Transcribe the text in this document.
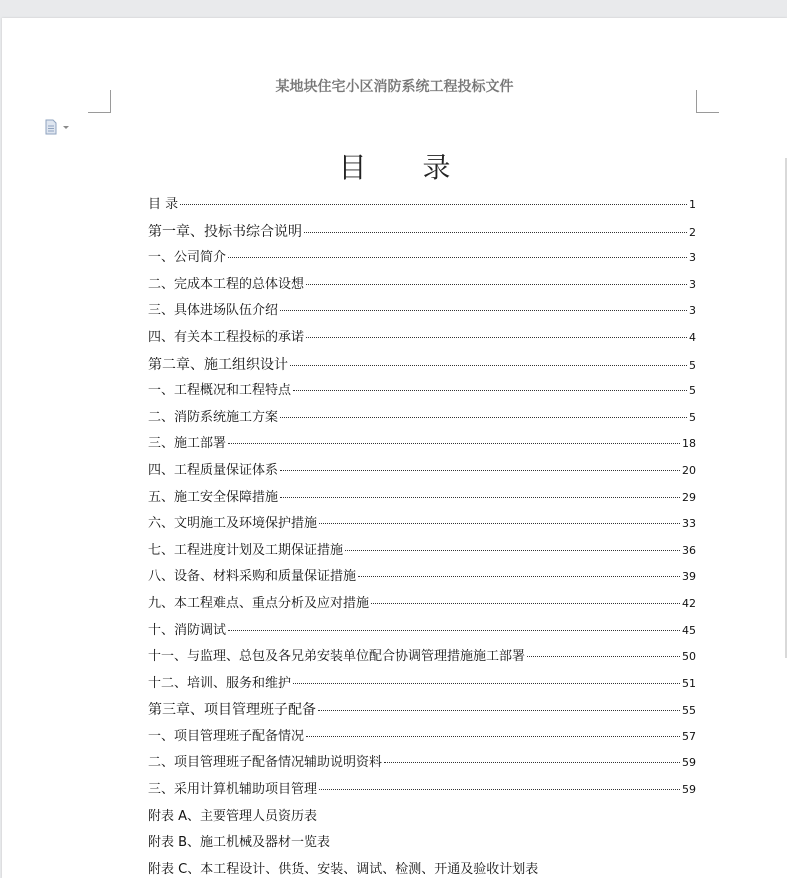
某地块住宅小区消防系统工程投标文件
目录
目 录	1
第一章、投标书综合说明	2
一、公司简介	3
二、完成本工程的总体设想	3
三、具体进场队伍介绍	3
四、有关本工程投标的承诺	4
第二章、施工组织设计	5
一、工程概况和工程特点	5
二、消防系统施工方案	5
三、施工部署	18
四、工程质量保证体系	20
五、施工安全保障措施	29
六、文明施工及环境保护措施	33
七、工程进度计划及工期保证措施	36
八、设备、材料采购和质量保证措施	39
九、本工程难点、重点分析及应对措施	42
十、消防调试	45
十一、与监理、总包及各兄弟安装单位配合协调管理措施施工部署	50
十二、培训、服务和维护	51
第三章、项目管理班子配备	55
一、项目管理班子配备情况	57
二、项目管理班子配备情况辅助说明资料	59
三、采用计算机辅助项目管理	59
附表 A、主要管理人员资历表
附表 B、施工机械及器材一览表
附表 C、本工程设计、供货、安装、调试、检测、开通及验收计划表
